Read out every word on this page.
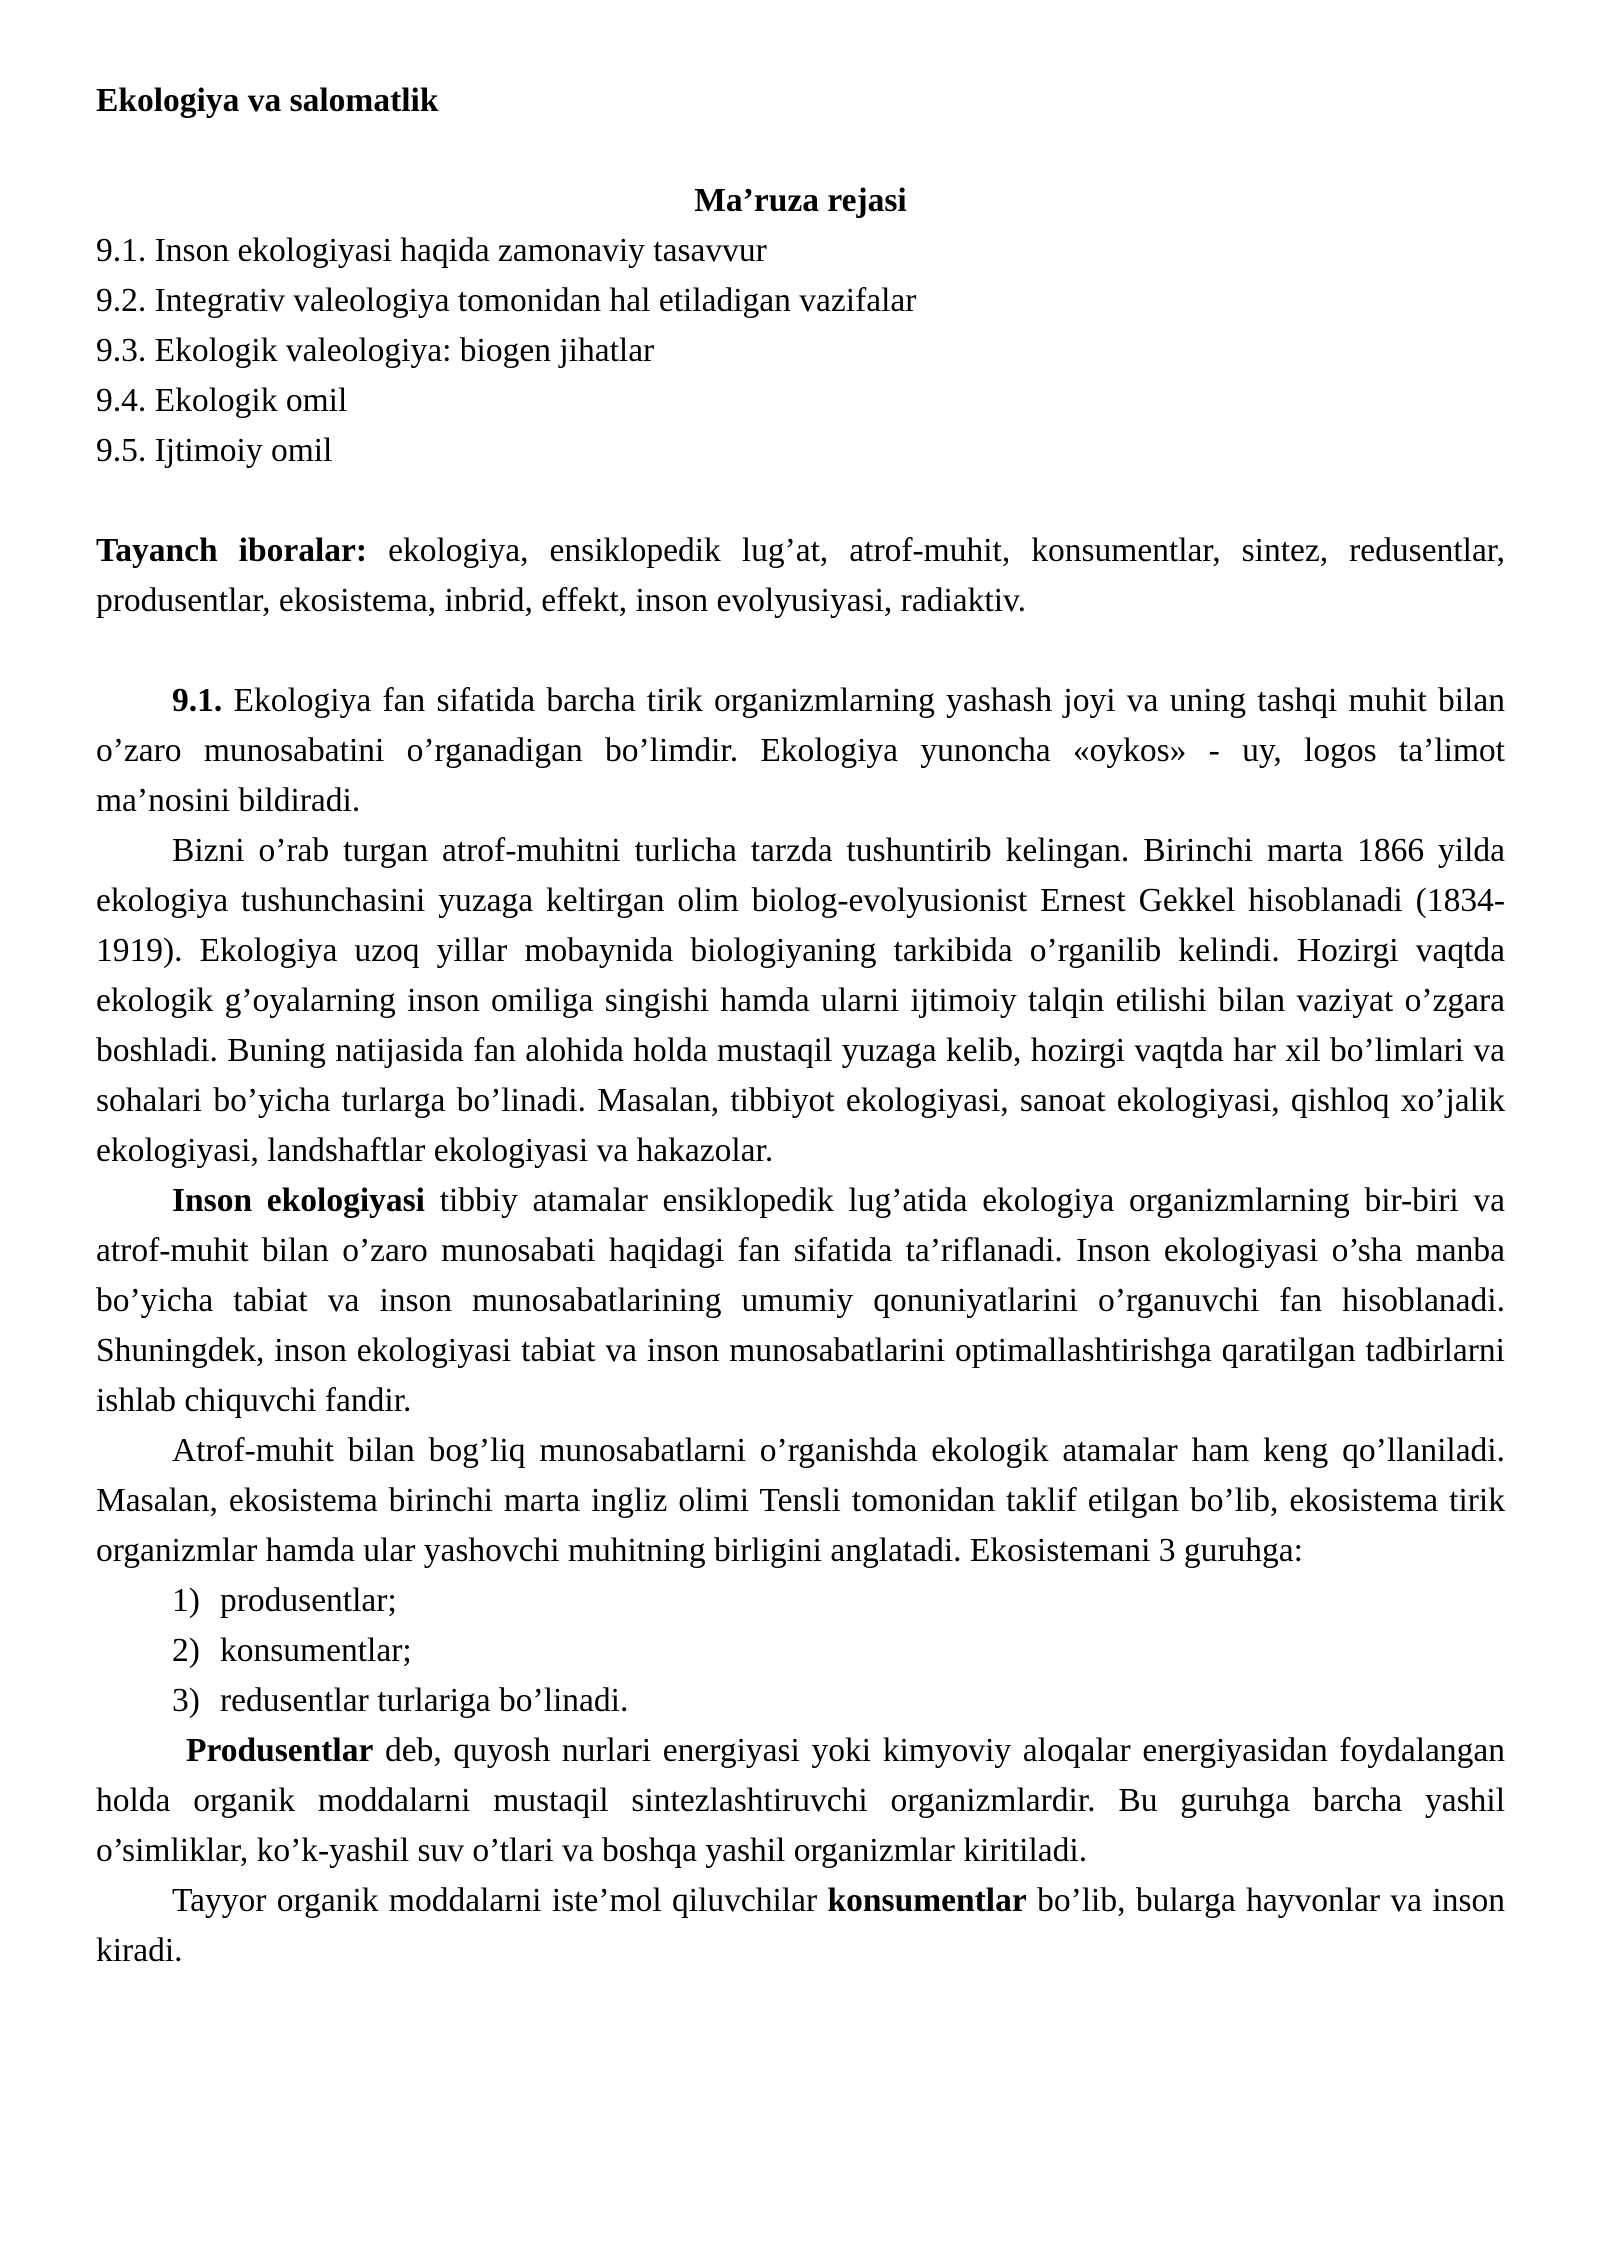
Ekologiya va salomatlik
Ma’ruza rejasi
9.1. Inson ekologiyasi haqida zamonaviy tasavvur
9.2. Integrativ valeologiya tomonidan hal etiladigan vazifalar
9.3. Ekologik valeologiya: biogen jihatlar
9.4. Ekologik omil
9.5. Ijtimoiy omil

Tayanch iboralar: ekologiya, ensiklopedik lug’at, atrof-muhit, konsumentlar, sintez, redusentlar, produsentlar, ekosistema, inbrid, effekt, inson evolyusiyasi, radiaktiv.

9.1. Ekologiya fan sifatida barcha tirik organizmlarning yashash joyi va uning tashqi muhit bilan o’zaro munosabatini o’rganadigan bo’limdir. Ekologiya yunoncha «oykos» - uy, logos ta’limot ma’nosini bildiradi.

Bizni o’rab turgan atrof-muhitni turlicha tarzda tushuntirib kelingan. Birinchi marta 1866 yilda ekologiya tushunchasini yuzaga keltirgan olim biolog-evolyusionist Ernest Gekkel hisoblanadi (1834-1919). Ekologiya uzoq yillar mobaynida biologiyaning tarkibida o’rganilib kelindi. Hozirgi vaqtda ekologik g’oyalarning inson omiliga singishi hamda ularni ijtimoiy talqin etilishi bilan vaziyat o’zgara boshladi. Buning natijasida fan alohida holda mustaqil yuzaga kelib, hozirgi vaqtda har xil bo’limlari va sohalari bo’yicha turlarga bo’linadi. Masalan, tibbiyot ekologiyasi, sanoat ekologiyasi, qishloq xo’jalik ekologiyasi, landshaftlar ekologiyasi va hakazolar.

Inson ekologiyasi tibbiy atamalar ensiklopedik lug’atida ekologiya organizmlarning bir-biri va atrof-muhit bilan o’zaro munosabati haqidagi fan sifatida ta’riflanadi. Inson ekologiyasi o’sha manba bo’yicha tabiat va inson munosabatlarining umumiy qonuniyatlarini o’rganuvchi fan hisoblanadi. Shuningdek, inson ekologiyasi tabiat va inson munosabatlarini optimallashtirishga qaratilgan tadbirlarni ishlab chiquvchi fandir.

Atrof-muhit bilan bog’liq munosabatlarni o’rganishda ekologik atamalar ham keng qo’llaniladi. Masalan, ekosistema birinchi marta ingliz olimi Tensli tomonidan taklif etilgan bo’lib, ekosistema tirik organizmlar hamda ular yashovchi muhitning birligini anglatadi. Ekosistemani 3 guruhga:

1) produsentlar;
2) konsumentlar;
3) redusentlar turlariga bo’linadi.

Produsentlar deb, quyosh nurlari energiyasi yoki kimyoviy aloqalar energiyasidan foydalangan holda organik moddalarni mustaqil sintezlashtiruvchi organizmlardir. Bu guruhga barcha yashil o’simliklar, ko’k-yashil suv o’tlari va boshqa yashil organizmlar kiritiladi.

Tayyor organik moddalarni iste’mol qiluvchilar konsumentlar bo’lib, bularga hayvonlar va inson kiradi.
